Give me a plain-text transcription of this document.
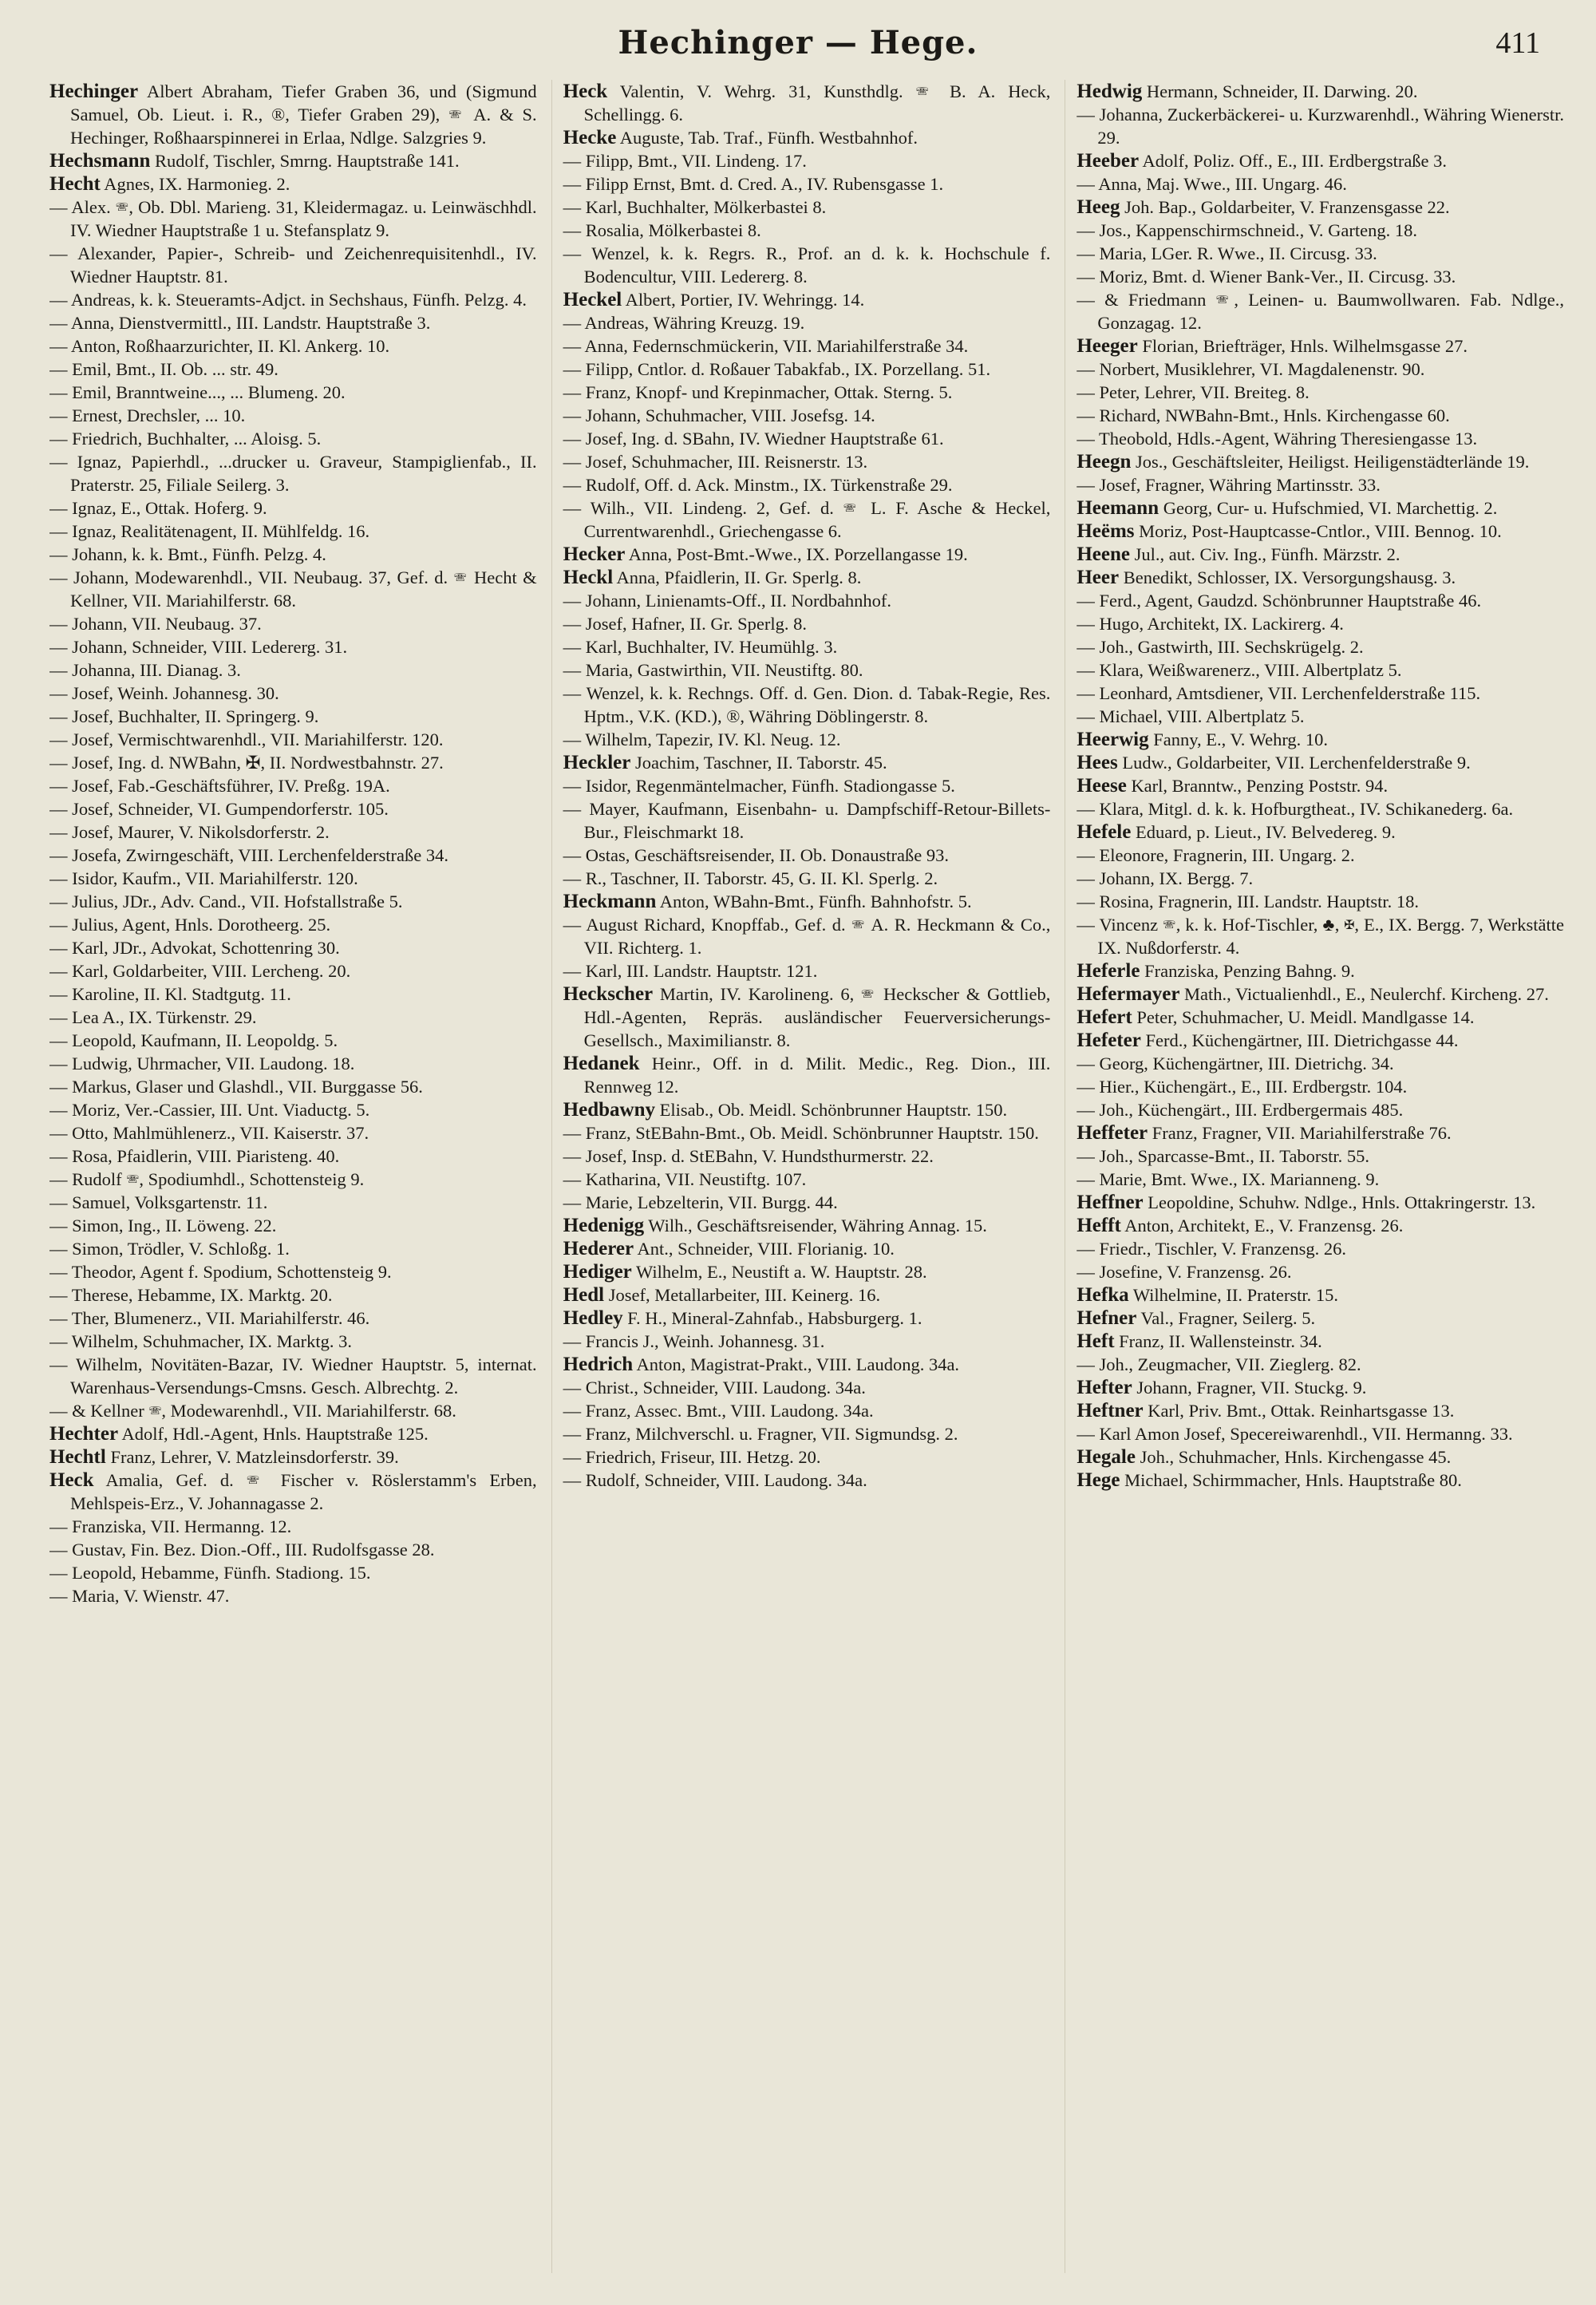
Hechinger — Hege.	411

Hechinger Albert Abraham, Tiefer Graben 36, und (Sigmund Samuel, Ob. Lieut. i. R., ®, Tiefer Graben 29), 🕾 A. & S. Hechinger, Roßhaarspinnerei in Erlaa, Ndlge. Salzgries 9.

Hechsmann Rudolf, Tischler, Smrng. Hauptstraße 141.

Hecht Agnes, IX. Harmonieg. 2.

— Alex. 🕾, Ob. Dbl. Marieng. 31, Kleidermagaz. u. Leinwäschhdl. IV. Wiedner Hauptstraße 1 u. Stefansplatz 9.

— Alexander, Papier-, Schreib- und Zeichenrequisitenhdl., IV. Wiedner Hauptstr. 81.

— Andreas, k. k. Steueramts-Adjct. in Sechshaus, Fünfh. Pelzg. 4.

— Anna, Dienstvermittl., III. Landstr. Hauptstraße 3.

— Anton, Roßhaarzurichter, II. Kl. Ankerg. 10.

— Emil, Bmt., II. Ob. ... str. 49.

— Emil, Branntweine..., ... Blumeng. 20.

— Ernest, Drechsler, ... 10.

— Friedrich, Buchhalter, ... Aloisg. 5.

— Ignaz, Papierhdl., ...drucker u. Graveur, Stampiglienfab., II. Praterstr. 25, Filiale Seilerg. 3.

— Ignaz, E., Ottak. Hoferg. 9.

— Ignaz, Realitätenagent, II. Mühlfeldg. 16.

— Johann, k. k. Bmt., Fünfh. Pelzg. 4.

— Johann, Modewarenhdl., VII. Neubaug. 37, Gef. d. 🕾 Hecht & Kellner, VII. Mariahilferstr. 68.

— Johann, VII. Neubaug. 37.

— Johann, Schneider, VIII. Ledererg. 31.

— Johanna, III. Dianag. 3.

— Josef, Weinh. Johannesg. 30.

— Josef, Buchhalter, II. Springerg. 9.

— Josef, Vermischtwarenhdl., VII. Mariahilferstr. 120.

— Josef, Ing. d. NWBahn, ✠, II. Nordwestbahnstr. 27.

— Josef, Fab.-Geschäftsführer, IV. Preßg. 19A.

— Josef, Schneider, VI. Gumpendorferstr. 105.

— Josef, Maurer, V. Nikolsdorferstr. 2.

— Josefa, Zwirngeschäft, VIII. Lerchenfelderstraße 34.

— Isidor, Kaufm., VII. Mariahilferstr. 120.

— Julius, JDr., Adv. Cand., VII. Hofstallstraße 5.

— Julius, Agent, Hnls. Dorotheerg. 25.

— Karl, JDr., Advokat, Schottenring 30.

— Karl, Goldarbeiter, VIII. Lercheng. 20.

— Karoline, II. Kl. Stadtgutg. 11.

— Lea A., IX. Türkenstr. 29.

— Leopold, Kaufmann, II. Leopoldg. 5.

— Ludwig, Uhrmacher, VII. Laudong. 18.

— Markus, Glaser und Glashdl., VII. Burggasse 56.

— Moriz, Ver.-Cassier, III. Unt. Viaductg. 5.

— Otto, Mahlmühlenerz., VII. Kaiserstr. 37.

— Rosa, Pfaidlerin, VIII. Piaristeng. 40.

— Rudolf 🕾, Spodiumhdl., Schottensteig 9.

— Samuel, Volksgartenstr. 11.

— Simon, Ing., II. Löweng. 22.

— Simon, Trödler, V. Schloßg. 1.

— Theodor, Agent f. Spodium, Schottensteig 9.

— Therese, Hebamme, IX. Marktg. 20.

— Ther, Blumenerz., VII. Mariahilferstr. 46.

— Wilhelm, Schuhmacher, IX. Marktg. 3.

— Wilhelm, Novitäten-Bazar, IV. Wiedner Hauptstr. 5, internat. Warenhaus-Versendungs-Cmsns. Gesch. Albrechtg. 2.

— & Kellner 🕾, Modewarenhdl., VII. Mariahilferstr. 68.

Hechter Adolf, Hdl.-Agent, Hnls. Hauptstraße 125.

Hechtl Franz, Lehrer, V. Matzleinsdorferstr. 39.

Heck Amalia, Gef. d. 🕾 Fischer v. Röslerstamm's Erben, Mehlspeis-Erz., V. Johannagasse 2.

— Franziska, VII. Hermanng. 12.

— Gustav, Fin. Bez. Dion.-Off., III. Rudolfsgasse 28.

— Leopold, Hebamme, Fünfh. Stadiong. 15.

— Maria, V. Wienstr. 47.

Heck Valentin, V. Wehrg. 31, Kunsthdlg. 🕾 B. A. Heck, Schellingg. 6.

Hecke Auguste, Tab. Traf., Fünfh. Westbahnhof.

— Filipp, Bmt., VII. Lindeng. 17.

— Filipp Ernst, Bmt. d. Cred. A., IV. Rubensgasse 1.

— Karl, Buchhalter, Mölkerbastei 8.

— Rosalia, Mölkerbastei 8.

— Wenzel, k. k. Regrs. R., Prof. an d. k. k. Hochschule f. Bodencultur, VIII. Ledererg. 8.

Heckel Albert, Portier, IV. Wehringg. 14.

— Andreas, Währing Kreuzg. 19.

— Anna, Federnschmückerin, VII. Mariahilferstraße 34.

— Filipp, Cntlor. d. Roßauer Tabakfab., IX. Porzellang. 51.

— Franz, Knopf- und Krepinmacher, Ottak. Sterng. 5.

— Johann, Schuhmacher, VIII. Josefsg. 14.

— Josef, Ing. d. SBahn, IV. Wiedner Hauptstraße 61.

— Josef, Schuhmacher, III. Reisnerstr. 13.

— Rudolf, Off. d. Ack. Minstm., IX. Türkenstraße 29.

— Wilh., VII. Lindeng. 2, Gef. d. 🕾 L. F. Asche & Heckel, Currentwarenhdl., Griechengasse 6.

Hecker Anna, Post-Bmt.-Wwe., IX. Porzellangasse 19.

Heckl Anna, Pfaidlerin, II. Gr. Sperlg. 8.

— Johann, Linienamts-Off., II. Nordbahnhof.

— Josef, Hafner, II. Gr. Sperlg. 8.

— Karl, Buchhalter, IV. Heumühlg. 3.

— Maria, Gastwirthin, VII. Neustiftg. 80.

— Wenzel, k. k. Rechngs. Off. d. Gen. Dion. d. Tabak-Regie, Res. Hptm., V.K. (KD.), ®, Währing Döblingerstr. 8.

— Wilhelm, Tapezir, IV. Kl. Neug. 12.

Heckler Joachim, Taschner, II. Taborstr. 45.

— Isidor, Regenmäntelmacher, Fünfh. Stadiongasse 5.

— Mayer, Kaufmann, Eisenbahn- u. Dampfschiff-Retour-Billets-Bur., Fleischmarkt 18.

— Ostas, Geschäftsreisender, II. Ob. Donaustraße 93.

— R., Taschner, II. Taborstr. 45, G. II. Kl. Sperlg. 2.

Heckmann Anton, WBahn-Bmt., Fünfh. Bahnhofstr. 5.

— August Richard, Knopffab., Gef. d. 🕾 A. R. Heckmann & Co., VII. Richterg. 1.

— Karl, III. Landstr. Hauptstr. 121.

Heckscher Martin, IV. Karolineng. 6, 🕾 Heckscher & Gottlieb, Hdl.-Agenten, Repräs. ausländischer Feuerversicherungs-Gesellsch., Maximilianstr. 8.

Hedanek Heinr., Off. in d. Milit. Medic., Reg. Dion., III. Rennweg 12.

Hedbawny Elisab., Ob. Meidl. Schönbrunner Hauptstr. 150.

— Franz, StEBahn-Bmt., Ob. Meidl. Schönbrunner Hauptstr. 150.

— Josef, Insp. d. StEBahn, V. Hundsthurmerstr. 22.

— Katharina, VII. Neustiftg. 107.

— Marie, Lebzelterin, VII. Burgg. 44.

Hedenigg Wilh., Geschäftsreisender, Währing Annag. 15.

Hederer Ant., Schneider, VIII. Florianig. 10.

Hediger Wilhelm, E., Neustift a. W. Hauptstr. 28.

Hedl Josef, Metallarbeiter, III. Keinerg. 16.

Hedley F. H., Mineral-Zahnfab., Habsburgerg. 1.

— Francis J., Weinh. Johannesg. 31.

Hedrich Anton, Magistrat-Prakt., VIII. Laudong. 34a.

— Christ., Schneider, VIII. Laudong. 34a.

— Franz, Assec. Bmt., VIII. Laudong. 34a.

— Franz, Milchverschl. u. Fragner, VII. Sigmundsg. 2.

— Friedrich, Friseur, III. Hetzg. 20.

— Rudolf, Schneider, VIII. Laudong. 34a.

Hedwig Hermann, Schneider, II. Darwing. 20.

— Johanna, Zuckerbäckerei- u. Kurzwarenhdl., Währing Wienerstr. 29.

Heeber Adolf, Poliz. Off., E., III. Erdbergstraße 3.

— Anna, Maj. Wwe., III. Ungarg. 46.

Heeg Joh. Bap., Goldarbeiter, V. Franzensgasse 22.

— Jos., Kappenschirmschneid., V. Garteng. 18.

— Maria, LGer. R. Wwe., II. Circusg. 33.

— Moriz, Bmt. d. Wiener Bank-Ver., II. Circusg. 33.

— & Friedmann 🕾, Leinen- u. Baumwollwaren. Fab. Ndlge., Gonzagag. 12.

Heeger Florian, Briefträger, Hnls. Wilhelmsgasse 27.

— Norbert, Musiklehrer, VI. Magdalenenstr. 90.

— Peter, Lehrer, VII. Breiteg. 8.

— Richard, NWBahn-Bmt., Hnls. Kirchengasse 60.

— Theobold, Hdls.-Agent, Währing Theresiengasse 13.

Heegn Jos., Geschäftsleiter, Heiligst. Heiligenstädterlände 19.

— Josef, Fragner, Währing Martinsstr. 33.

Heemann Georg, Cur- u. Hufschmied, VI. Marchettig. 2.

Heëms Moriz, Post-Hauptcasse-Cntlor., VIII. Bennog. 10.

Heene Jul., aut. Civ. Ing., Fünfh. Märzstr. 2.

Heer Benedikt, Schlosser, IX. Versorgungshausg. 3.

— Ferd., Agent, Gaudzd. Schönbrunner Hauptstraße 46.

— Hugo, Architekt, IX. Lackirerg. 4.

— Joh., Gastwirth, III. Sechskrügelg. 2.

— Klara, Weißwarenerz., VIII. Albertplatz 5.

— Leonhard, Amtsdiener, VII. Lerchenfelderstraße 115.

— Michael, VIII. Albertplatz 5.

Heerwig Fanny, E., V. Wehrg. 10.

Hees Ludw., Goldarbeiter, VII. Lerchenfelderstraße 9.

Heese Karl, Branntw., Penzing Poststr. 94.

— Klara, Mitgl. d. k. k. Hofburgtheat., IV. Schikanederg. 6a.

Hefele Eduard, p. Lieut., IV. Belvedereg. 9.

— Eleonore, Fragnerin, III. Ungarg. 2.

— Johann, IX. Bergg. 7.

— Rosina, Fragnerin, III. Landstr. Hauptstr. 18.

— Vincenz 🕾, k. k. Hof-Tischler, ♣, ✠, E., IX. Bergg. 7, Werkstätte IX. Nußdorferstr. 4.

Heferle Franziska, Penzing Bahng. 9.

Hefermayer Math., Victualienhdl., E., Neulerchf. Kircheng. 27.

Hefert Peter, Schuhmacher, U. Meidl. Mandlgasse 14.

Hefeter Ferd., Küchengärtner, III. Dietrichgasse 44.

— Georg, Küchengärtner, III. Dietrichg. 34.

— Hier., Küchengärt., E., III. Erdbergstr. 104.

— Joh., Küchengärt., III. Erdbergermais 485.

Heffeter Franz, Fragner, VII. Mariahilferstraße 76.

— Joh., Sparcasse-Bmt., II. Taborstr. 55.

— Marie, Bmt. Wwe., IX. Marianneng. 9.

Heffner Leopoldine, Schuhw. Ndlge., Hnls. Ottakringerstr. 13.

Hefft Anton, Architekt, E., V. Franzensg. 26.

— Friedr., Tischler, V. Franzensg. 26.

— Josefine, V. Franzensg. 26.

Hefka Wilhelmine, II. Praterstr. 15.

Hefner Val., Fragner, Seilerg. 5.

Heft Franz, II. Wallensteinstr. 34.

— Joh., Zeugmacher, VII. Zieglerg. 82.

Hefter Johann, Fragner, VII. Stuckg. 9.

Heftner Karl, Priv. Bmt., Ottak. Reinhartsgasse 13.

— Karl Amon Josef, Specereiwarenhdl., VII. Hermanng. 33.

Hegale Joh., Schuhmacher, Hnls. Kirchengasse 45.

Hege Michael, Schirmmacher, Hnls. Hauptstraße 80.
